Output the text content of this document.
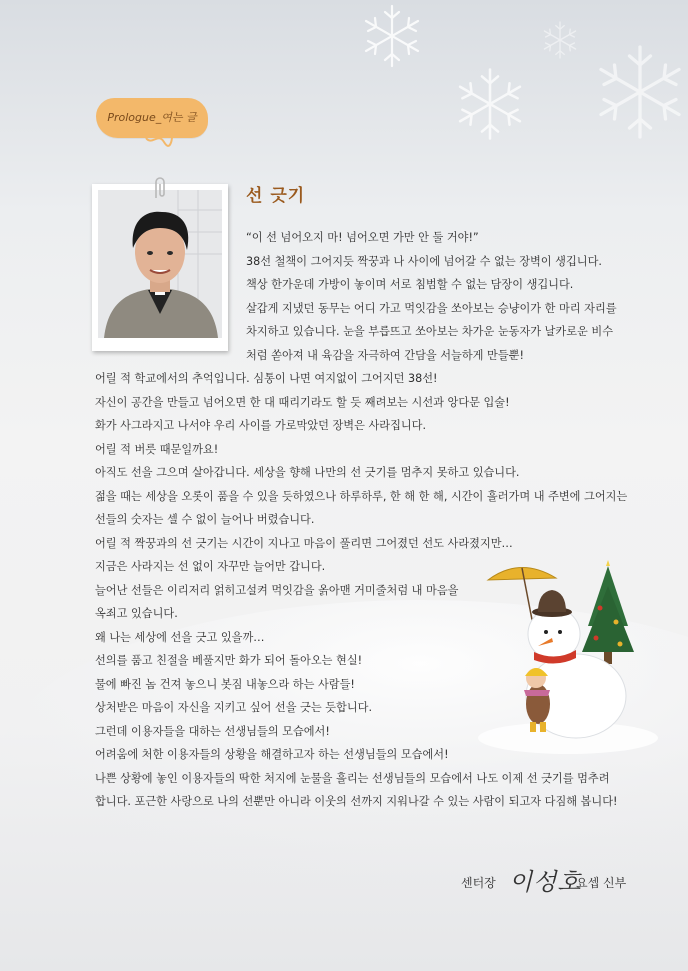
Prologue_여는 글
선 긋기
“이 선 넘어오지 마! 넘어오면 가만 안 둘 거야!”
38선 철책이 그어지듯 짝꿍과 나 사이에 넘어갈 수 없는 장벽이 생깁니다.
책상 한가운데 가방이 놓이며 서로 침범할 수 없는 담장이 생깁니다.
살갑게 지냈던 동무는 어디 가고 먹잇감을 쏘아보는 승냥이가 한 마리 자리를
차지하고 있습니다. 눈을 부릅뜨고 쏘아보는 차가운 눈동자가 날카로운 비수
처럼 쏟아져 내 육감을 자극하여 간담을 서늘하게 만들뿐!
어릴 적 학교에서의 추억입니다. 심통이 나면 여지없이 그어지던 38선!
자신이 공간을 만들고 넘어오면 한 대 때리기라도 할 듯 째려보는 시선과 앙다문 입술!
화가 사그라지고 나서야 우리 사이를 가로막았던 장벽은 사라집니다.
어릴 적 버릇 때문일까요!
아직도 선을 그으며 살아갑니다. 세상을 향해 나만의 선 긋기를 멈추지 못하고 있습니다.
젊을 때는 세상을 오롯이 품을 수 있을 듯하였으나 하루하루, 한 해 한 해, 시간이 흘러가며 내 주변에 그어지는
선들의 숫자는 셀 수 없이 늘어나 버렸습니다.
어릴 적 짝꿍과의 선 긋기는 시간이 지나고 마음이 풀리면 그어졌던 선도 사라졌지만…
지금은 사라지는 선 없이 자꾸만 늘어만 갑니다.
늘어난 선들은 이리저리 얽히고설켜 먹잇감을 옭아맨 거미줄처럼 내 마음을
옥죄고 있습니다.
왜 나는 세상에 선을 긋고 있을까…
선의를 품고 친절을 베풀지만 화가 되어 돌아오는 현실!
물에 빠진 놈 건져 놓으니 봇짐 내놓으라 하는 사람들!
상처받은 마음이 자신을 지키고 싶어 선을 긋는 듯합니다.
그런데 이용자들을 대하는 선생님들의 모습에서!
어려움에 처한 이용자들의 상황을 해결하고자 하는 선생님들의 모습에서!
나쁜 상황에 놓인 이용자들의 딱한 처지에 눈물을 흘리는 선생님들의 모습에서 나도 이제 선 긋기를 멈추려
합니다. 포근한 사랑으로 나의 선뿐만 아니라 이웃의 선까지 지워나갈 수 있는 사람이 되고자 다짐해 봅니다!
센터장 이성호
요셉 신부
